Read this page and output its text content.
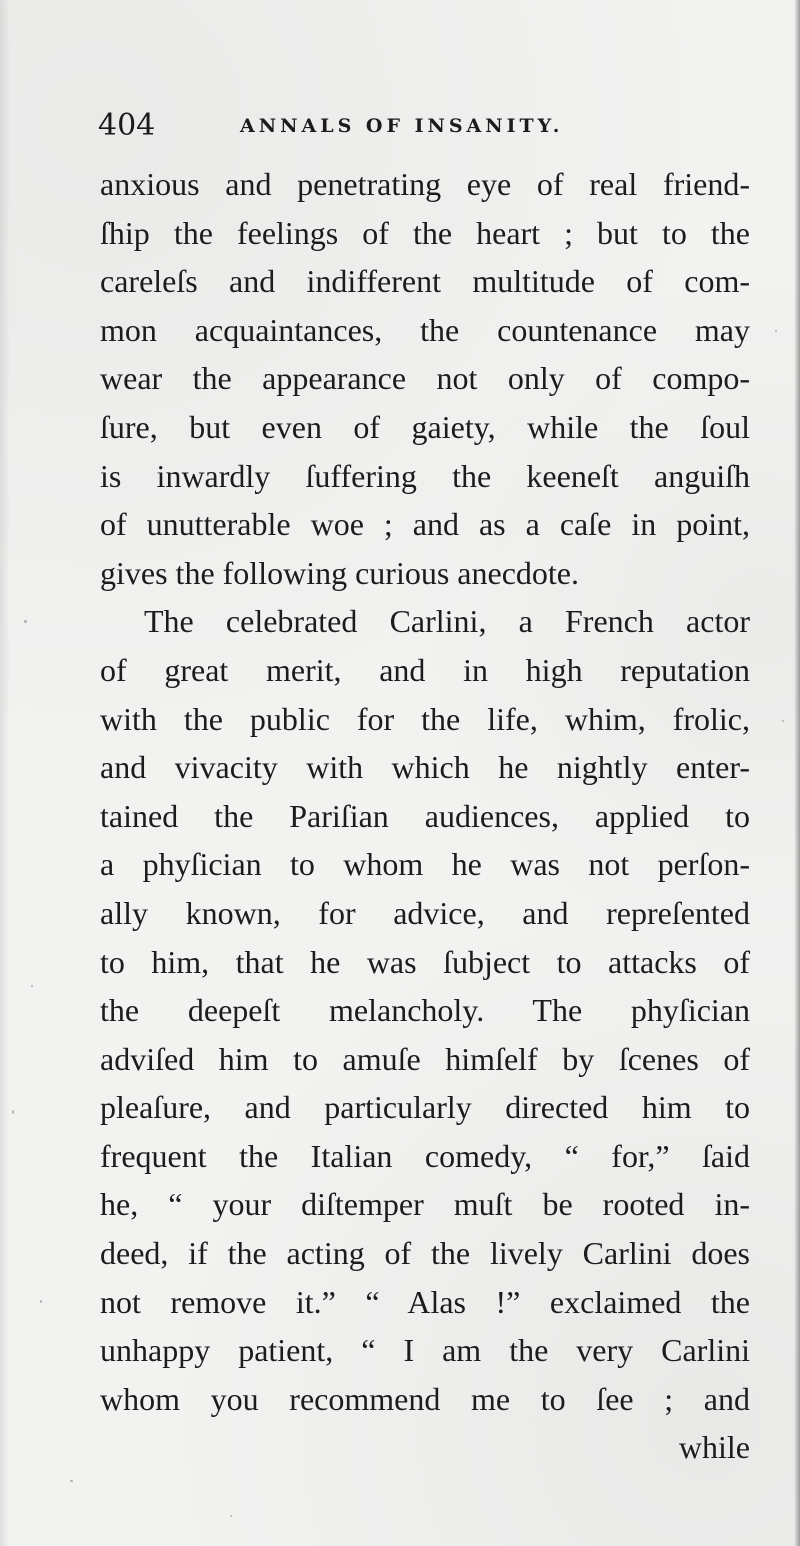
404	ANNALS OF INSANITY.
anxious and penetrating eye of real friend-
ſhip the feelings of the heart ; but to the
careleſs and indifferent multitude of com-
mon acquaintances, the countenance may
wear the appearance not only of compo-
ſure, but even of gaiety, while the ſoul
is inwardly ſuffering the keeneſt anguiſh
of unutterable woe ; and as a caſe in point,
gives the following curious anecdote.
The celebrated Carlini, a French actor
of great merit, and in high reputation
with the public for the life, whim, frolic,
and vivacity with which he nightly enter-
tained the Pariſian audiences, applied to
a phyſician to whom he was not perſon-
ally known, for advice, and repreſented
to him, that he was ſubject to attacks of
the deepeſt melancholy. The phyſician
adviſed him to amuſe himſelf by ſcenes of
pleaſure, and particularly directed him to
frequent the Italian comedy, “ for,” ſaid
he, “ your diſtemper muſt be rooted in-
deed, if the acting of the lively Carlini does
not remove it.” “ Alas !” exclaimed the
unhappy patient, “ I am the very Carlini
whom you recommend me to ſee ; and
while
